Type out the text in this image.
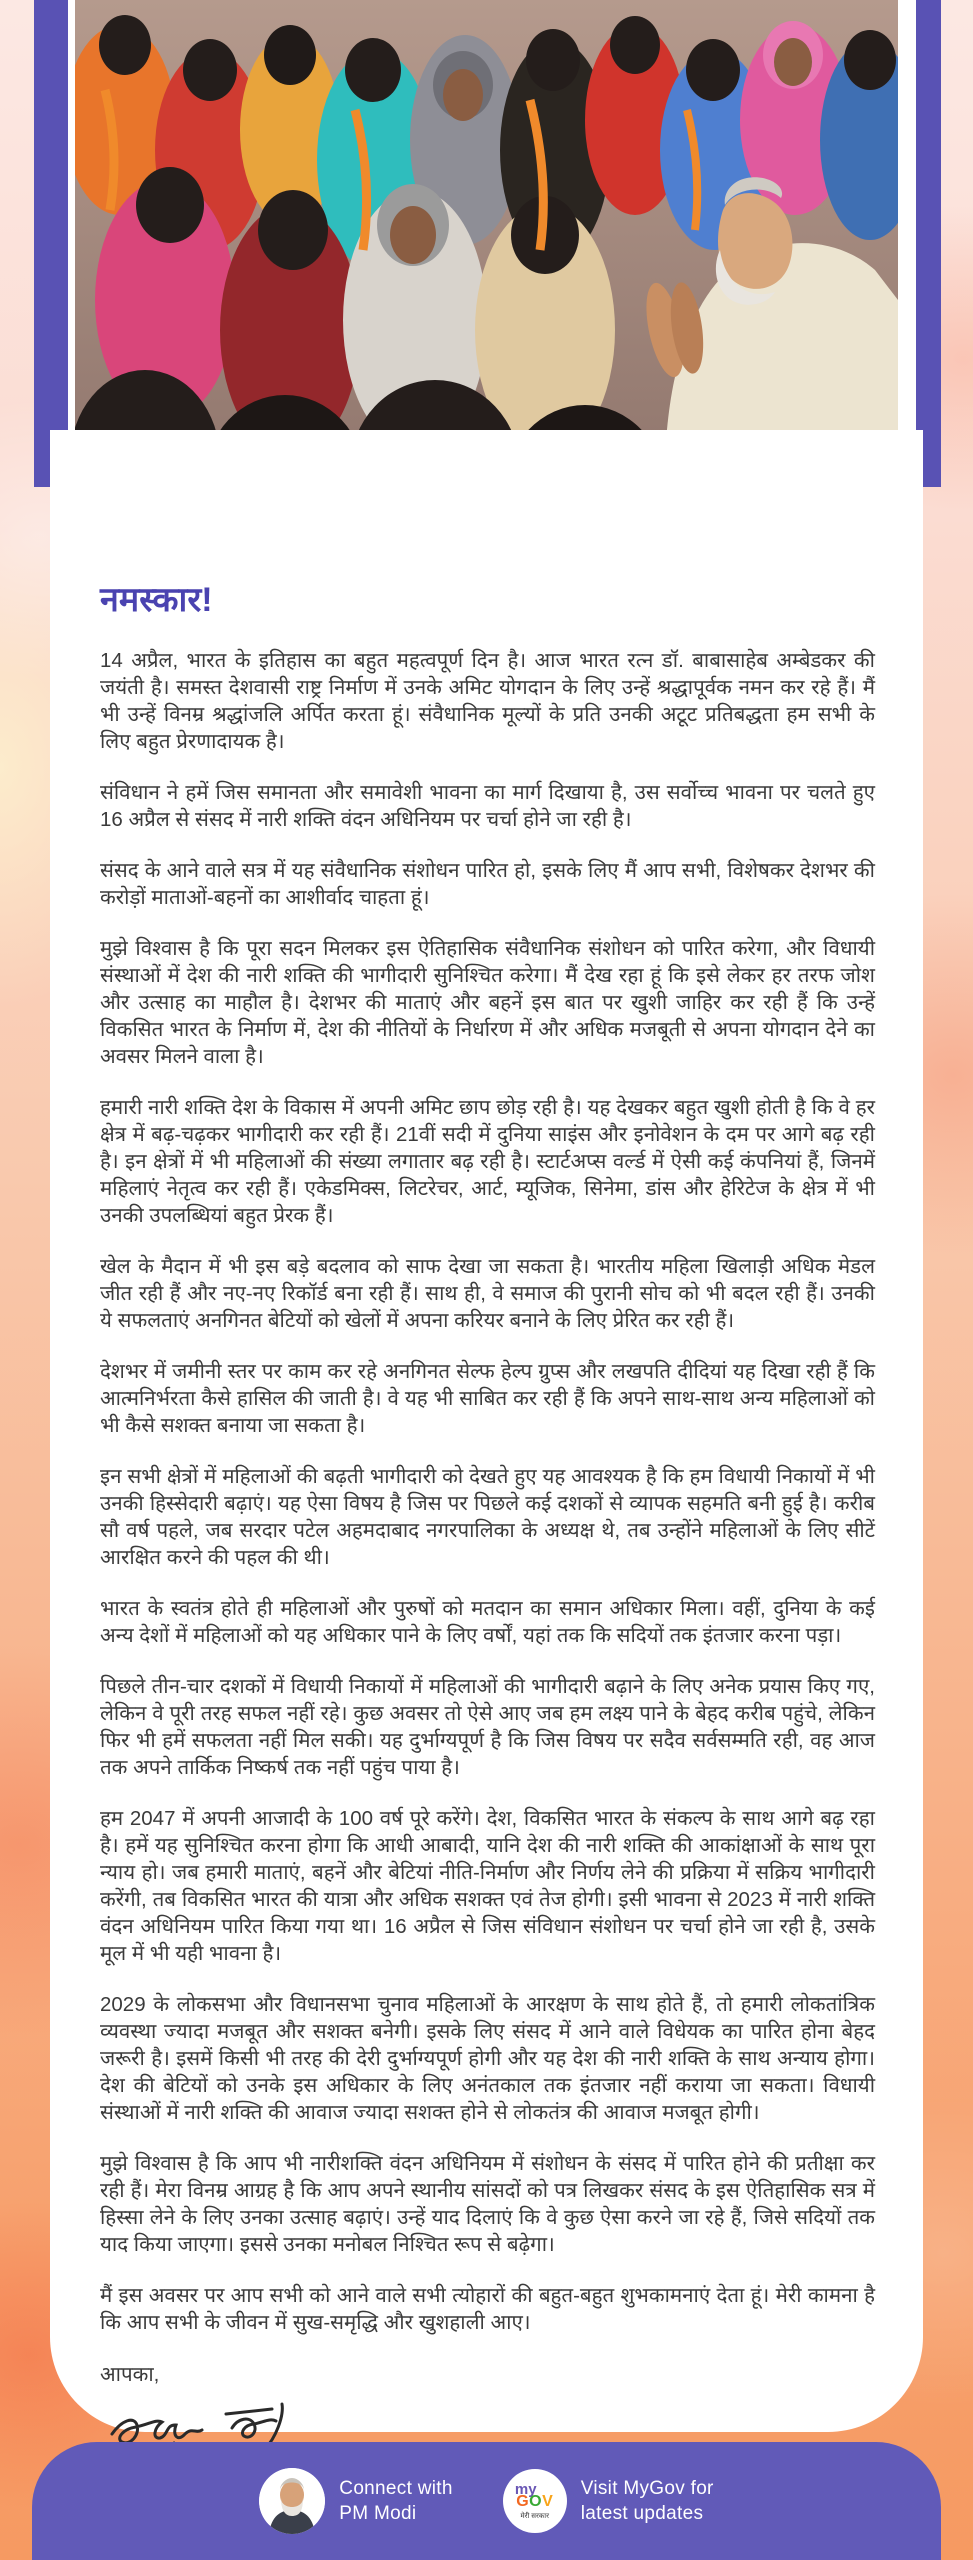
नमस्कार!

14 अप्रैल, भारत के इतिहास का बहुत महत्वपूर्ण दिन है। आज भारत रत्न डॉ. बाबासाहेब अम्बेडकर की जयंती है। समस्त देशवासी राष्ट्र निर्माण में उनके अमिट योगदान के लिए उन्हें श्रद्धापूर्वक नमन कर रहे हैं। मैं भी उन्हें विनम्र श्रद्धांजलि अर्पित करता हूं। संवैधानिक मूल्यों के प्रति उनकी अटूट प्रतिबद्धता हम सभी के लिए बहुत प्रेरणादायक है।

संविधान ने हमें जिस समानता और समावेशी भावना का मार्ग दिखाया है, उस सर्वोच्च भावना पर चलते हुए 16 अप्रैल से संसद में नारी शक्ति वंदन अधिनियम पर चर्चा होने जा रही है।

संसद के आने वाले सत्र में यह संवैधानिक संशोधन पारित हो, इसके लिए मैं आप सभी, विशेषकर देशभर की करोड़ों माताओं-बहनों का आशीर्वाद चाहता हूं।

मुझे विश्वास है कि पूरा सदन मिलकर इस ऐतिहासिक संवैधानिक संशोधन को पारित करेगा, और विधायी संस्थाओं में देश की नारी शक्ति की भागीदारी सुनिश्चित करेगा। मैं देख रहा हूं कि इसे लेकर हर तरफ जोश और उत्साह का माहौल है। देशभर की माताएं और बहनें इस बात पर खुशी जाहिर कर रही हैं कि उन्हें विकसित भारत के निर्माण में, देश की नीतियों के निर्धारण में और अधिक मजबूती से अपना योगदान देने का अवसर मिलने वाला है।

हमारी नारी शक्ति देश के विकास में अपनी अमिट छाप छोड़ रही है। यह देखकर बहुत खुशी होती है कि वे हर क्षेत्र में बढ़-चढ़कर भागीदारी कर रही हैं। 21वीं सदी में दुनिया साइंस और इनोवेशन के दम पर आगे बढ़ रही है। इन क्षेत्रों में भी महिलाओं की संख्या लगातार बढ़ रही है। स्टार्टअप्स वर्ल्ड में ऐसी कई कंपनियां हैं, जिनमें महिलाएं नेतृत्व कर रही हैं। एकेडमिक्स, लिटरेचर, आर्ट, म्यूजिक, सिनेमा, डांस और हेरिटेज के क्षेत्र में भी उनकी उपलब्धियां बहुत प्रेरक हैं।

खेल के मैदान में भी इस बड़े बदलाव को साफ देखा जा सकता है। भारतीय महिला खिलाड़ी अधिक मेडल जीत रही हैं और नए-नए रिकॉर्ड बना रही हैं। साथ ही, वे समाज की पुरानी सोच को भी बदल रही हैं। उनकी ये सफलताएं अनगिनत बेटियों को खेलों में अपना करियर बनाने के लिए प्रेरित कर रही हैं।

देशभर में जमीनी स्तर पर काम कर रहे अनगिनत सेल्फ हेल्प ग्रुप्स और लखपति दीदियां यह दिखा रही हैं कि आत्मनिर्भरता कैसे हासिल की जाती है। वे यह भी साबित कर रही हैं कि अपने साथ-साथ अन्य महिलाओं को भी कैसे सशक्त बनाया जा सकता है।

इन सभी क्षेत्रों में महिलाओं की बढ़ती भागीदारी को देखते हुए यह आवश्यक है कि हम विधायी निकायों में भी उनकी हिस्सेदारी बढ़ाएं। यह ऐसा विषय है जिस पर पिछले कई दशकों से व्यापक सहमति बनी हुई है। करीब सौ वर्ष पहले, जब सरदार पटेल अहमदाबाद नगरपालिका के अध्यक्ष थे, तब उन्होंने महिलाओं के लिए सीटें आरक्षित करने की पहल की थी।

भारत के स्वतंत्र होते ही महिलाओं और पुरुषों को मतदान का समान अधिकार मिला। वहीं, दुनिया के कई अन्य देशों में महिलाओं को यह अधिकार पाने के लिए वर्षों, यहां तक कि सदियों तक इंतजार करना पड़ा।

पिछले तीन-चार दशकों में विधायी निकायों में महिलाओं की भागीदारी बढ़ाने के लिए अनेक प्रयास किए गए, लेकिन वे पूरी तरह सफल नहीं रहे। कुछ अवसर तो ऐसे आए जब हम लक्ष्य पाने के बेहद करीब पहुंचे, लेकिन फिर भी हमें सफलता नहीं मिल सकी। यह दुर्भाग्यपूर्ण है कि जिस विषय पर सदैव सर्वसम्मति रही, वह आज तक अपने तार्किक निष्कर्ष तक नहीं पहुंच पाया है।

हम 2047 में अपनी आजादी के 100 वर्ष पूरे करेंगे। देश, विकसित भारत के संकल्प के साथ आगे बढ़ रहा है। हमें यह सुनिश्चित करना होगा कि आधी आबादी, यानि देश की नारी शक्ति की आकांक्षाओं के साथ पूरा न्याय हो। जब हमारी माताएं, बहनें और बेटियां नीति-निर्माण और निर्णय लेने की प्रक्रिया में सक्रिय भागीदारी करेंगी, तब विकसित भारत की यात्रा और अधिक सशक्त एवं तेज होगी। इसी भावना से 2023 में नारी शक्ति वंदन अधिनियम पारित किया गया था। 16 अप्रैल से जिस संविधान संशोधन पर चर्चा होने जा रही है, उसके मूल में भी यही भावना है।

2029 के लोकसभा और विधानसभा चुनाव महिलाओं के आरक्षण के साथ होते हैं, तो हमारी लोकतांत्रिक व्यवस्था ज्यादा मजबूत और सशक्त बनेगी। इसके लिए संसद में आने वाले विधेयक का पारित होना बेहद जरूरी है। इसमें किसी भी तरह की देरी दुर्भाग्यपूर्ण होगी और यह देश की नारी शक्ति के साथ अन्याय होगा। देश की बेटियों को उनके इस अधिकार के लिए अनंतकाल तक इंतजार नहीं कराया जा सकता। विधायी संस्थाओं में नारी शक्ति की आवाज ज्यादा सशक्त होने से लोकतंत्र की आवाज मजबूत होगी।

मुझे विश्वास है कि आप भी नारीशक्ति वंदन अधिनियम में संशोधन के संसद में पारित होने की प्रतीक्षा कर रही हैं। मेरा विनम्र आग्रह है कि आप अपने स्थानीय सांसदों को पत्र लिखकर संसद के इस ऐतिहासिक सत्र में हिस्सा लेने के लिए उनका उत्साह बढ़ाएं। उन्हें याद दिलाएं कि वे कुछ ऐसा करने जा रहे हैं, जिसे सदियों तक याद किया जाएगा। इससे उनका मनोबल निश्चित रूप से बढ़ेगा।

मैं इस अवसर पर आप सभी को आने वाले सभी त्योहारों की बहुत-बहुत शुभकामनाएं देता हूं। मेरी कामना है कि आप सभी के जीवन में सुख-समृद्धि और खुशहाली आए।

आपका,

Connect with
PM Modi
my
GOV
मेरी सरकार
Visit MyGov for
latest updates
